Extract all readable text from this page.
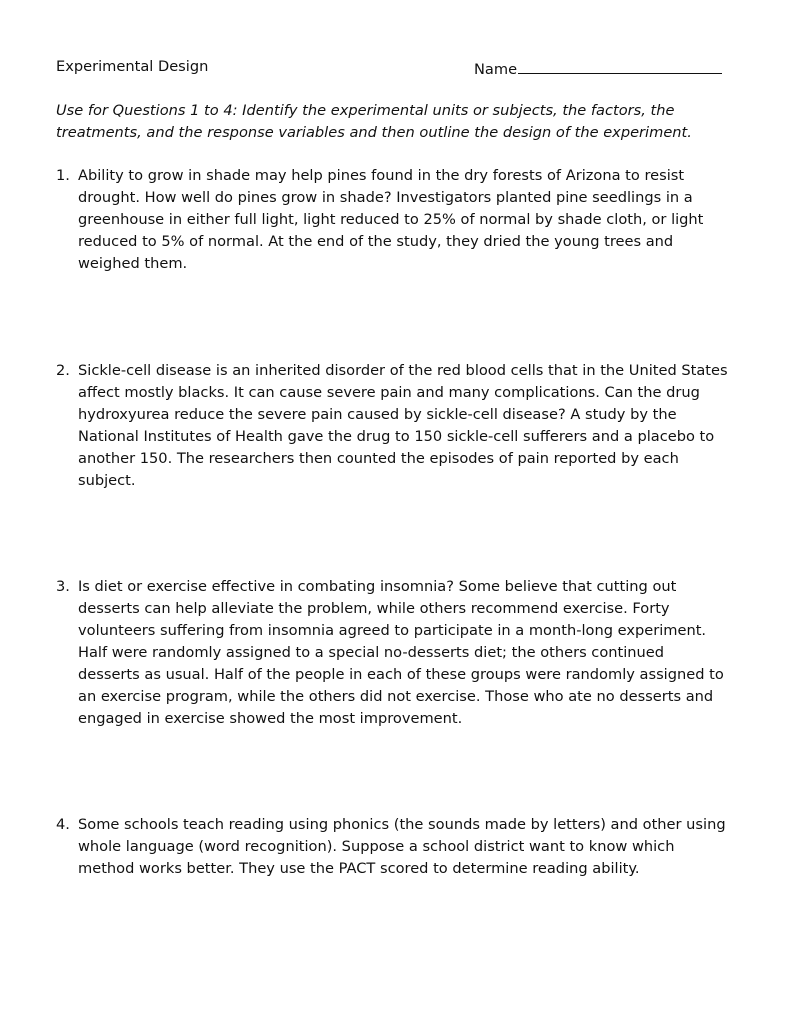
Experimental Design	Name
Use for Questions 1 to 4: Identify the experimental units or subjects, the factors, the treatments, and the response variables and then outline the design of the experiment.
1. Ability to grow in shade may help pines found in the dry forests of Arizona to resist drought. How well do pines grow in shade? Investigators planted pine seedlings in a greenhouse in either full light, light reduced to 25% of normal by shade cloth, or light reduced to 5% of normal. At the end of the study, they dried the young trees and weighed them.
2. Sickle-cell disease is an inherited disorder of the red blood cells that in the United States affect mostly blacks. It can cause severe pain and many complications. Can the drug hydroxyurea reduce the severe pain caused by sickle-cell disease? A study by the National Institutes of Health gave the drug to 150 sickle-cell sufferers and a placebo to another 150. The researchers then counted the episodes of pain reported by each subject.
3. Is diet or exercise effective in combating insomnia? Some believe that cutting out desserts can help alleviate the problem, while others recommend exercise. Forty volunteers suffering from insomnia agreed to participate in a month-long experiment. Half were randomly assigned to a special no-desserts diet; the others continued desserts as usual. Half of the people in each of these groups were randomly assigned to an exercise program, while the others did not exercise. Those who ate no desserts and engaged in exercise showed the most improvement.
4. Some schools teach reading using phonics (the sounds made by letters) and other using whole language (word recognition). Suppose a school district want to know which method works better. They use the PACT scored to determine reading ability.
